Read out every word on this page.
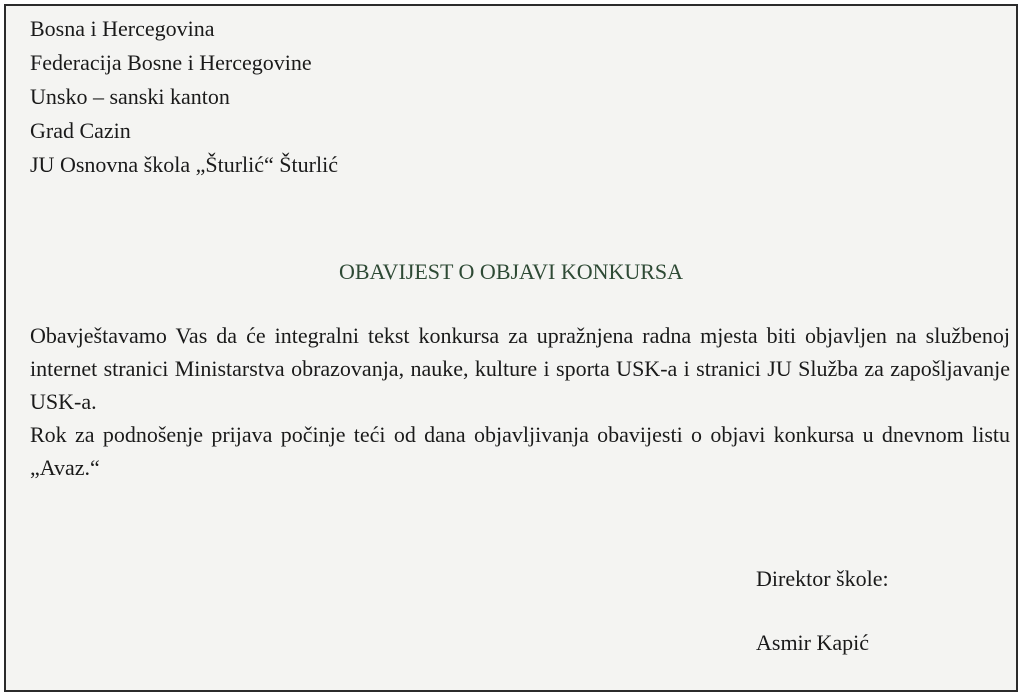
Bosna i Hercegovina
Federacija Bosne i Hercegovine
Unsko – sanski kanton
Grad Cazin
JU Osnovna škola „Šturlić“ Šturlić
OBAVIJEST O OBJAVI KONKURSA

Obavještavamo Vas da će integralni tekst konkursa za upražnjena radna mjesta biti objavljen na službenoj internet stranici Ministarstva obrazovanja, nauke, kulture i sporta USK-a i stranici JU Služba za zapošljavanje USK-a.

Rok za podnošenje prijava počinje teći od dana objavljivanja obavijesti o objavi konkursa u dnevnom listu „Avaz.“

Direktor škole:
Asmir Kapić
